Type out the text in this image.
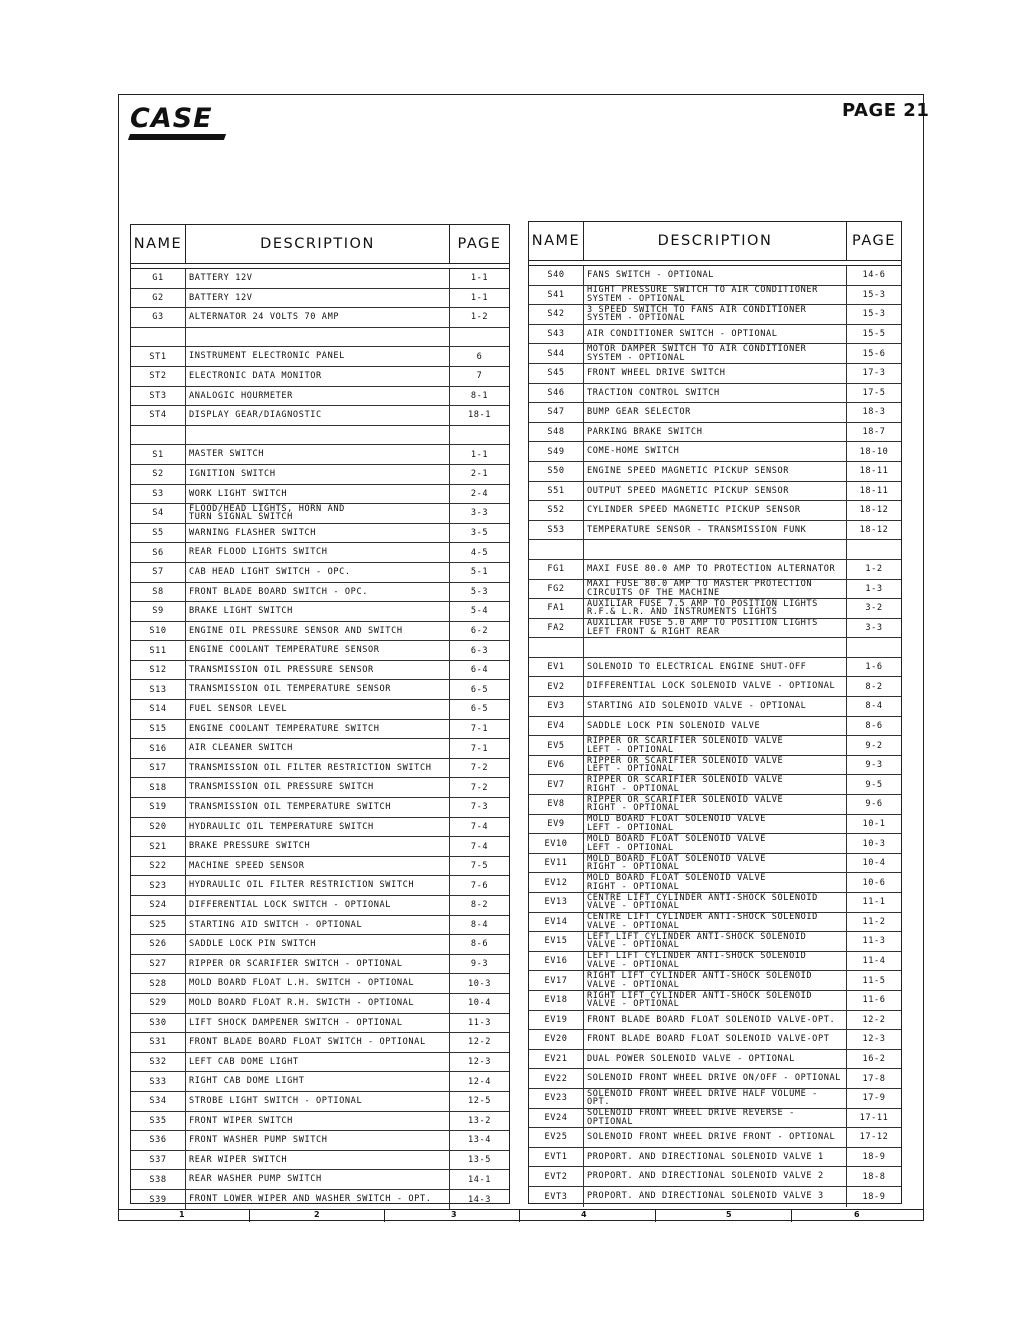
CASE	PAGE 21
NAME	DESCRIPTION	PAGE
G1	BATTERY 12V	1-1
G2	BATTERY 12V	1-1
G3	ALTERNATOR 24 VOLTS 70 AMP	1-2
ST1	INSTRUMENT ELECTRONIC PANEL	6
ST2	ELECTRONIC DATA MONITOR	7
ST3	ANALOGIC HOURMETER	8-1
ST4	DISPLAY GEAR/DIAGNOSTIC	18-1
S1	MASTER SWITCH	1-1
S2	IGNITION SWITCH	2-1
S3	WORK LIGHT SWITCH	2-4
S4	FLOOD/HEAD LIGHTS, HORN AND
TURN SIGNAL SWITCH	3-3
S5	WARNING FLASHER SWITCH	3-5
S6	REAR FLOOD LIGHTS SWITCH	4-5
S7	CAB HEAD LIGHT SWITCH - OPC.	5-1
S8	FRONT BLADE BOARD SWITCH - OPC.	5-3
S9	BRAKE LIGHT SWITCH	5-4
S10	ENGINE OIL PRESSURE SENSOR AND SWITCH	6-2
S11	ENGINE COOLANT TEMPERATURE SENSOR	6-3
S12	TRANSMISSION OIL PRESSURE SENSOR	6-4
S13	TRANSMISSION OIL TEMPERATURE SENSOR	6-5
S14	FUEL SENSOR LEVEL	6-5
S15	ENGINE COOLANT TEMPERATURE SWITCH	7-1
S16	AIR CLEANER SWITCH	7-1
S17	TRANSMISSION OIL FILTER RESTRICTION SWITCH	7-2
S18	TRANSMISSION OIL PRESSURE SWITCH	7-2
S19	TRANSMISSION OIL TEMPERATURE SWITCH	7-3
S20	HYDRAULIC OIL TEMPERATURE SWITCH	7-4
S21	BRAKE PRESSURE SWITCH	7-4
S22	MACHINE SPEED SENSOR	7-5
S23	HYDRAULIC OIL FILTER RESTRICTION SWITCH	7-6
S24	DIFFERENTIAL LOCK SWITCH - OPTIONAL	8-2
S25	STARTING AID SWITCH - OPTIONAL	8-4
S26	SADDLE LOCK PIN SWITCH	8-6
S27	RIPPER OR SCARIFIER SWITCH - OPTIONAL	9-3
S28	MOLD BOARD FLOAT L.H. SWITCH - OPTIONAL	10-3
S29	MOLD BOARD FLOAT R.H. SWICTH - OPTIONAL	10-4
S30	LIFT SHOCK DAMPENER SWITCH - OPTIONAL	11-3
S31	FRONT BLADE BOARD FLOAT SWITCH - OPTIONAL	12-2
S32	LEFT CAB DOME LIGHT	12-3
S33	RIGHT CAB DOME LIGHT	12-4
S34	STROBE LIGHT SWITCH - OPTIONAL	12-5
S35	FRONT WIPER SWITCH	13-2
S36	FRONT WASHER PUMP SWITCH	13-4
S37	REAR WIPER SWITCH	13-5
S38	REAR WASHER PUMP SWITCH	14-1
S39	FRONT LOWER WIPER AND WASHER SWITCH - OPT.	14-3
NAME	DESCRIPTION	PAGE
S40	FANS SWITCH - OPTIONAL	14-6
S41	HIGHT PRESSURE SWITCH TO AIR CONDITIONER
SYSTEM - OPTIONAL	15-3
S42	3 SPEED SWITCH TO FANS AIR CONDITIONER
SYSTEM - OPTIONAL	15-3
S43	AIR CONDITIONER SWITCH - OPTIONAL	15-5
S44	MOTOR DAMPER SWITCH TO AIR CONDITIONER
SYSTEM - OPTIONAL	15-6
S45	FRONT WHEEL DRIVE SWITCH	17-3
S46	TRACTION CONTROL SWITCH	17-5
S47	BUMP GEAR SELECTOR	18-3
S48	PARKING BRAKE SWITCH	18-7
S49	COME-HOME SWITCH	18-10
S50	ENGINE SPEED MAGNETIC PICKUP SENSOR	18-11
S51	OUTPUT SPEED MAGNETIC PICKUP SENSOR	18-11
S52	CYLINDER SPEED MAGNETIC PICKUP SENSOR	18-12
S53	TEMPERATURE SENSOR - TRANSMISSION FUNK	18-12
FG1	MAXI FUSE 80.0 AMP TO PROTECTION ALTERNATOR	1-2
FG2	MAXI FUSE 80.0 AMP TO MASTER PROTECTION
CIRCUITS OF THE MACHINE	1-3
FA1	AUXILIAR FUSE 7.5 AMP TO POSITION LIGHTS
R.F.& L.R. AND INSTRUMENTS LIGHTS	3-2
FA2	AUXILIAR FUSE 5.0 AMP TO POSITION LIGHTS
LEFT FRONT & RIGHT REAR	3-3
EV1	SOLENOID TO ELECTRICAL ENGINE SHUT-OFF	1-6
EV2	DIFFERENTIAL LOCK SOLENOID VALVE - OPTIONAL	8-2
EV3	STARTING AID SOLENOID VALVE - OPTIONAL	8-4
EV4	SADDLE LOCK PIN SOLENOID VALVE	8-6
EV5	RIPPER OR SCARIFIER SOLENOID VALVE
LEFT - OPTIONAL	9-2
EV6	RIPPER OR SCARIFIER SOLENOID VALVE
LEFT - OPTIONAL	9-3
EV7	RIPPER OR SCARIFIER SOLENOID VALVE
RIGHT - OPTIONAL	9-5
EV8	RIPPER OR SCARIFIER SOLENOID VALVE
RIGHT - OPTIONAL	9-6
EV9	MOLD BOARD FLOAT SOLENOID VALVE
LEFT - OPTIONAL	10-1
EV10	MOLD BOARD FLOAT SOLENOID VALVE
LEFT - OPTIONAL	10-3
EV11	MOLD BOARD FLOAT SOLENOID VALVE
RIGHT - OPTIONAL	10-4
EV12	MOLD BOARD FLOAT SOLENOID VALVE
RIGHT - OPTIONAL	10-6
EV13	CENTRE LIFT CYLINDER ANTI-SHOCK SOLENOID
VALVE - OPTIONAL	11-1
EV14	CENTRE LIFT CYLINDER ANTI-SHOCK SOLENOID
VALVE - OPTIONAL	11-2
EV15	LEFT LIFT CYLINDER ANTI-SHOCK SOLENOID
VALVE - OPTIONAL	11-3
EV16	LEFT LIFT CYLINDER ANTI-SHOCK SOLENOID
VALVE - OPTIONAL	11-4
EV17	RIGHT LIFT CYLINDER ANTI-SHOCK SOLENOID
VALVE - OPTIONAL	11-5
EV18	RIGHT LIFT CYLINDER ANTI-SHOCK SOLENOID
VALVE - OPTIONAL	11-6
EV19	FRONT BLADE BOARD FLOAT SOLENOID VALVE-OPT.	12-2
EV20	FRONT BLADE BOARD FLOAT SOLENOID VALVE-OPT	12-3
EV21	DUAL POWER SOLENOID VALVE - OPTIONAL	16-2
EV22	SOLENOID FRONT WHEEL DRIVE ON/OFF - OPTIONAL	17-8
EV23	SOLENOID FRONT WHEEL DRIVE HALF VOLUME - OPT.	17-9
EV24	SOLENOID FRONT WHEEL DRIVE REVERSE - OPTIONAL	17-11
EV25	SOLENOID FRONT WHEEL DRIVE FRONT - OPTIONAL	17-12
EVT1	PROPORT. AND DIRECTIONAL SOLENOID VALVE 1	18-9
EVT2	PROPORT. AND DIRECTIONAL SOLENOID VALVE 2	18-8
EVT3	PROPORT. AND DIRECTIONAL SOLENOID VALVE 3	18-9
1	2	3	4	5	6
